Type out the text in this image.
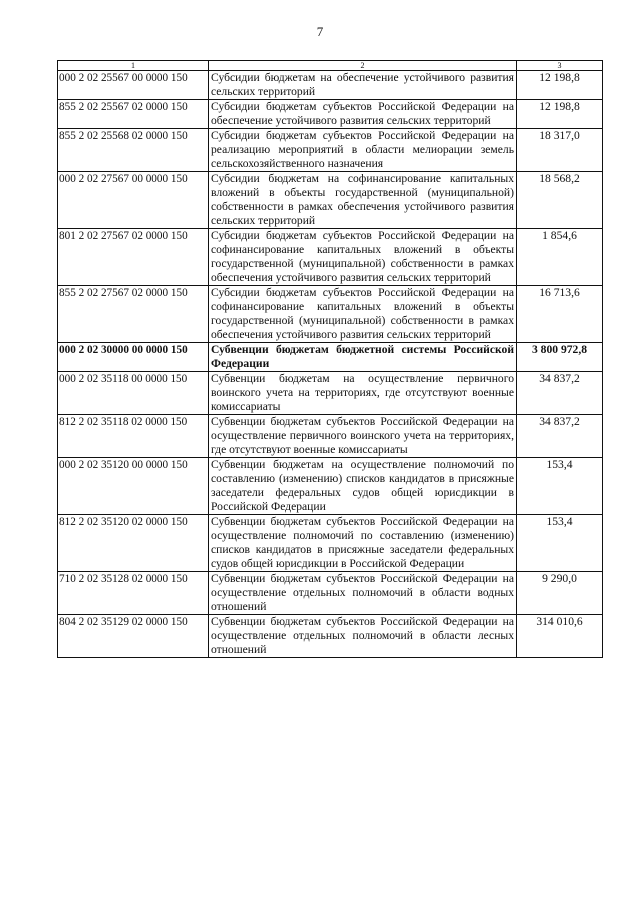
7
1	2	3
000 2 02 25567 00 0000 150	Субсидии бюджетам на обеспечение устойчивого развития сельских территорий	12 198,8
855 2 02 25567 02 0000 150	Субсидии бюджетам субъектов Российской Федерации на обеспечение устойчивого развития сельских территорий	12 198,8
855 2 02 25568 02 0000 150	Субсидии бюджетам субъектов Российской Федерации на реализацию мероприятий в области мелиорации земель сельскохозяйственного назначения	18 317,0
000 2 02 27567 00 0000 150	Субсидии бюджетам на софинансирование капитальных вложений в объекты государственной (муниципальной) собственности в рамках обеспечения устойчивого развития сельских территорий	18 568,2
801 2 02 27567 02 0000 150	Субсидии бюджетам субъектов Российской Федерации на софинансирование капитальных вложений в объекты государственной (муниципальной) собственности в рамках обеспечения устойчивого развития сельских территорий	1 854,6
855 2 02 27567 02 0000 150	Субсидии бюджетам субъектов Российской Федерации на софинансирование капитальных вложений в объекты государственной (муниципальной) собственности в рамках обеспечения устойчивого развития сельских территорий	16 713,6
000 2 02 30000 00 0000 150	Субвенции бюджетам бюджетной системы Российской Федерации	3 800 972,8
000 2 02 35118 00 0000 150	Субвенции бюджетам на осуществление первичного воинского учета на территориях, где отсутствуют военные комиссариаты	34 837,2
812 2 02 35118 02 0000 150	Субвенции бюджетам субъектов Российской Федерации на осуществление первичного воинского учета на территориях, где отсутствуют военные комиссариаты	34 837,2
000 2 02 35120 00 0000 150	Субвенции бюджетам на осуществление полномочий по составлению (изменению) списков кандидатов в присяжные заседатели федеральных судов общей юрисдикции в Российской Федерации	153,4
812 2 02 35120 02 0000 150	Субвенции бюджетам субъектов Российской Федерации на осуществление полномочий по составлению (изменению) списков кандидатов в присяжные заседатели федеральных судов общей юрисдикции в Российской Федерации	153,4
710 2 02 35128 02 0000 150	Субвенции бюджетам субъектов Российской Федерации на осуществление отдельных полномочий в области водных отношений	9 290,0
804 2 02 35129 02 0000 150	Субвенции бюджетам субъектов Российской Федерации на осуществление отдельных полномочий в области лесных отношений	314 010,6
